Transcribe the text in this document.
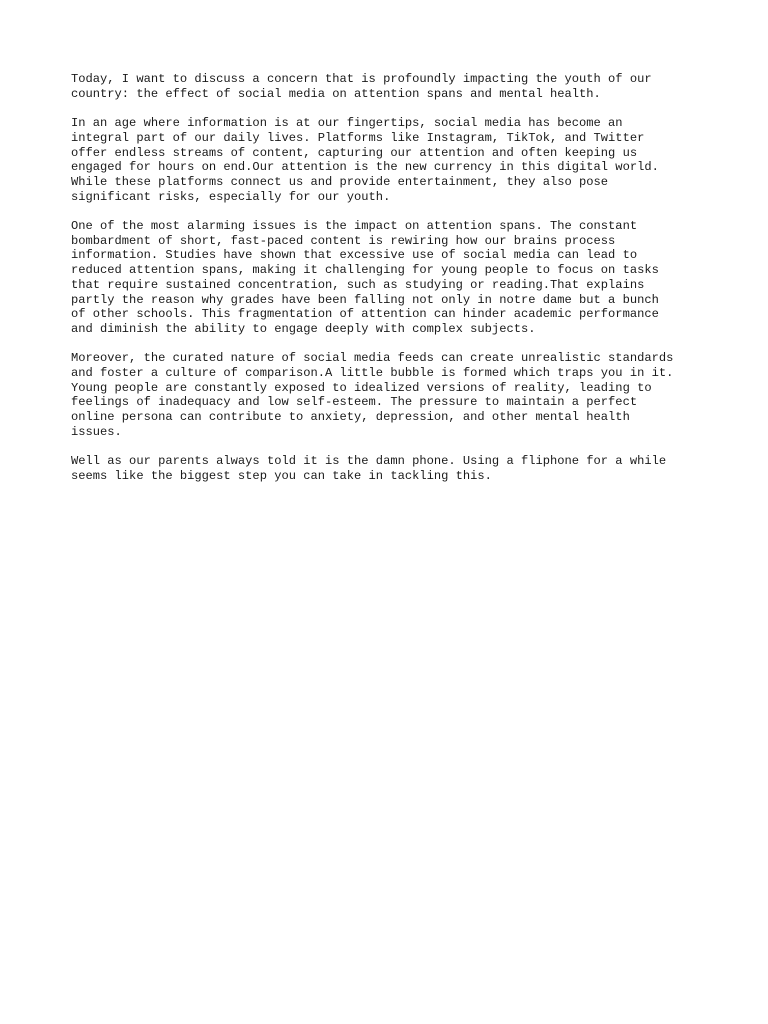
Today, I want to discuss a concern that is profoundly impacting the youth of our
country: the effect of social media on attention spans and mental health.

In an age where information is at our fingertips, social media has become an
integral part of our daily lives. Platforms like Instagram, TikTok, and Twitter
offer endless streams of content, capturing our attention and often keeping us
engaged for hours on end.Our attention is the new currency in this digital world.
While these platforms connect us and provide entertainment, they also pose
significant risks, especially for our youth.

One of the most alarming issues is the impact on attention spans. The constant
bombardment of short, fast-paced content is rewiring how our brains process
information. Studies have shown that excessive use of social media can lead to
reduced attention spans, making it challenging for young people to focus on tasks
that require sustained concentration, such as studying or reading.That explains
partly the reason why grades have been falling not only in notre dame but a bunch
of other schools. This fragmentation of attention can hinder academic performance
and diminish the ability to engage deeply with complex subjects.

Moreover, the curated nature of social media feeds can create unrealistic standards
and foster a culture of comparison.A little bubble is formed which traps you in it.
Young people are constantly exposed to idealized versions of reality, leading to
feelings of inadequacy and low self-esteem. The pressure to maintain a perfect
online persona can contribute to anxiety, depression, and other mental health
issues.

Well as our parents always told it is the damn phone. Using a fliphone for a while
seems like the biggest step you can take in tackling this.
